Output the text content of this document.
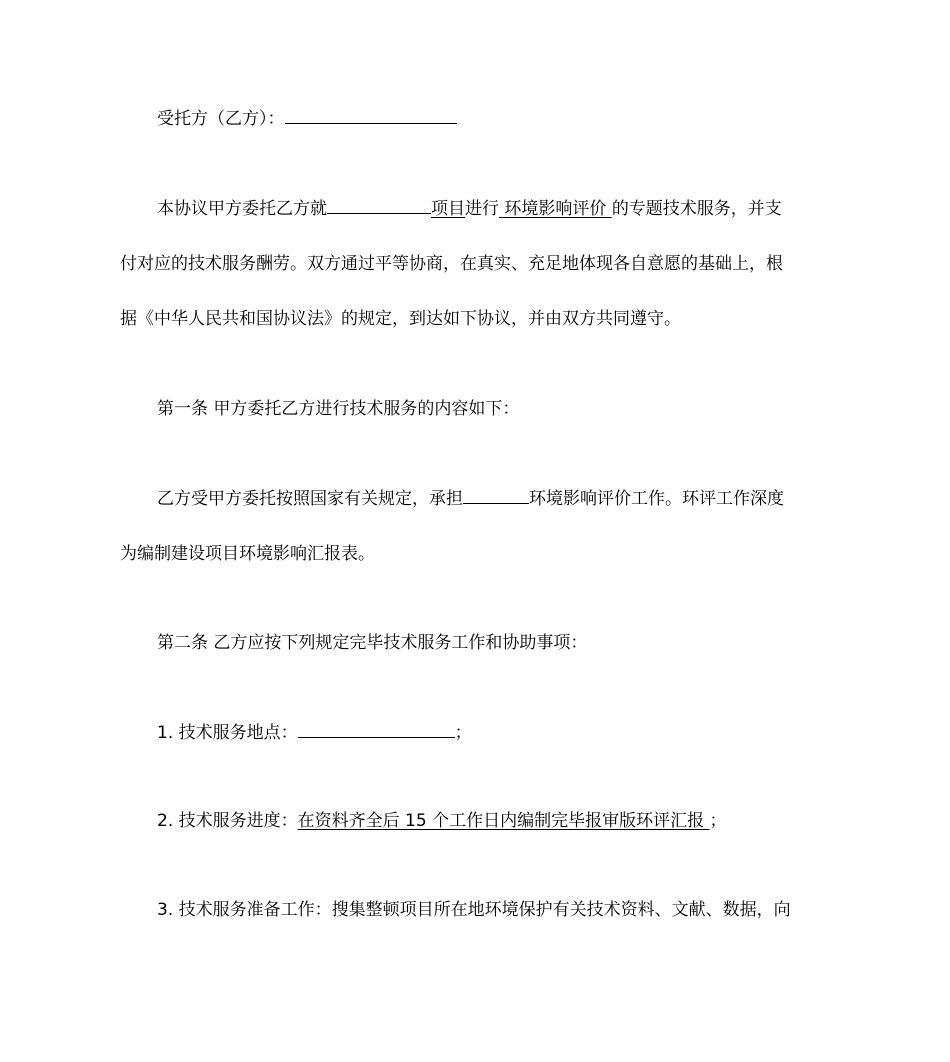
受托方（乙方）：
本协议甲方委托乙方就	项目进行 环境影响评价 的专题技术服务，并支
付对应的技术服务酬劳。双方通过平等协商，在真实、充足地体现各自意愿的基础上，根
据《中华人民共和国协议法》的规定，到达如下协议，并由双方共同遵守。
第一条 甲方委托乙方进行技术服务的内容如下：
乙方受甲方委托按照国家有关规定，承担	环境影响评价工作。环评工作深度
为编制建设项目环境影响汇报表。
第二条 乙方应按下列规定完毕技术服务工作和协助事项：
1. 技术服务地点：	；
2. 技术服务进度：在资料齐全后 15 个工作日内编制完毕报审版环评汇报 ；
3. 技术服务准备工作：搜集整顿项目所在地环境保护有关技术资料、文献、数据，向
